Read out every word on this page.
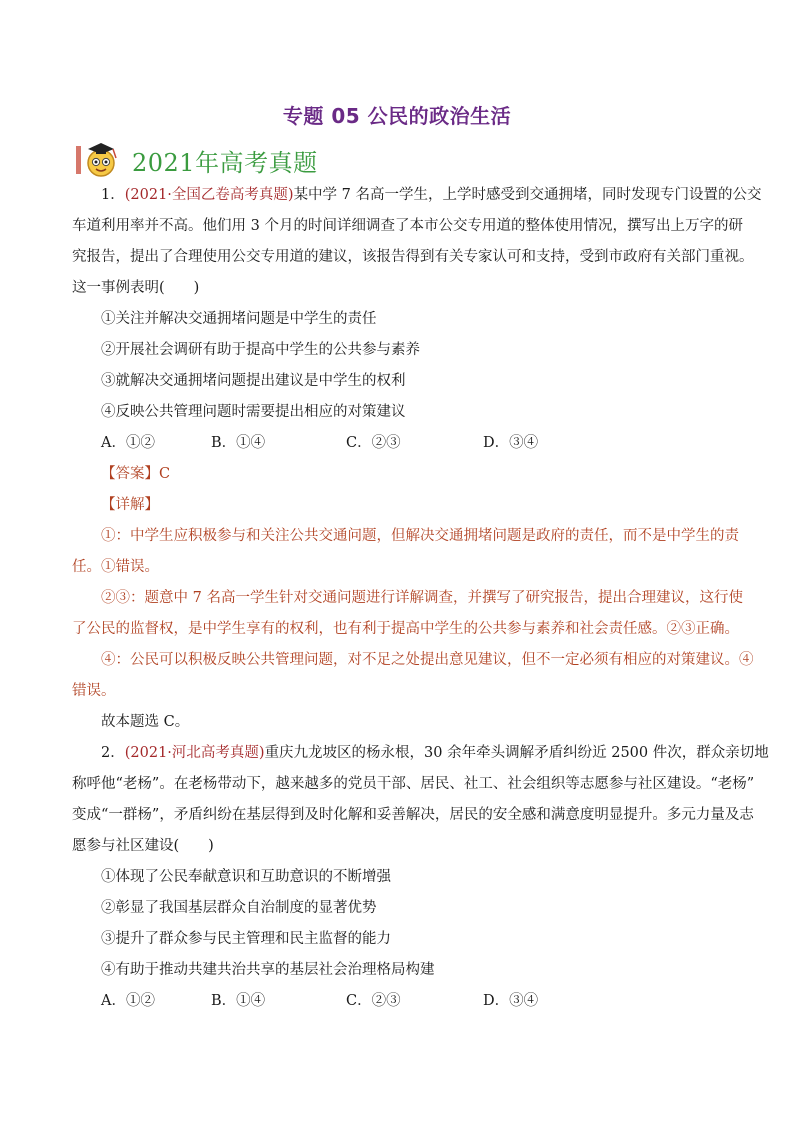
专题 05 公民的政治生活
2021年高考真题
1．(2021·全国乙卷高考真题)某中学 7 名高一学生，上学时感受到交通拥堵，同时发现专门设置的公交
车道利用率并不高。他们用 3 个月的时间详细调查了本市公交专用道的整体使用情况，撰写出上万字的研
究报告，提出了合理使用公交专用道的建议，该报告得到有关专家认可和支持，受到市政府有关部门重视。
这一事例表明(　　)
①关注并解决交通拥堵问题是中学生的责任
②开展社会调研有助于提高中学生的公共参与素养
③就解决交通拥堵问题提出建议是中学生的权利
④反映公共管理问题时需要提出相应的对策建议
A．①②	B．①④	C．②③	D．③④
【答案】C
【详解】
①：中学生应积极参与和关注公共交通问题，但解决交通拥堵问题是政府的责任，而不是中学生的责
任。①错误。
②③：题意中 7 名高一学生针对交通问题进行详解调查，并撰写了研究报告，提出合理建议，这行使
了公民的监督权，是中学生享有的权利，也有利于提高中学生的公共参与素养和社会责任感。②③正确。
④：公民可以积极反映公共管理问题，对不足之处提出意见建议，但不一定必须有相应的对策建议。④
错误。
故本题选 C。
2．(2021·河北高考真题)重庆九龙坡区的杨永根，30 余年牵头调解矛盾纠纷近 2500 件次，群众亲切地
称呼他“老杨”。在老杨带动下，越来越多的党员干部、居民、社工、社会组织等志愿参与社区建设。“老杨”
变成“一群杨”，矛盾纠纷在基层得到及时化解和妥善解决，居民的安全感和满意度明显提升。多元力量及志
愿参与社区建设(　　)
①体现了公民奉献意识和互助意识的不断增强
②彰显了我国基层群众自治制度的显著优势
③提升了群众参与民主管理和民主监督的能力
④有助于推动共建共治共享的基层社会治理格局构建
A．①②	B．①④	C．②③	D．③④
